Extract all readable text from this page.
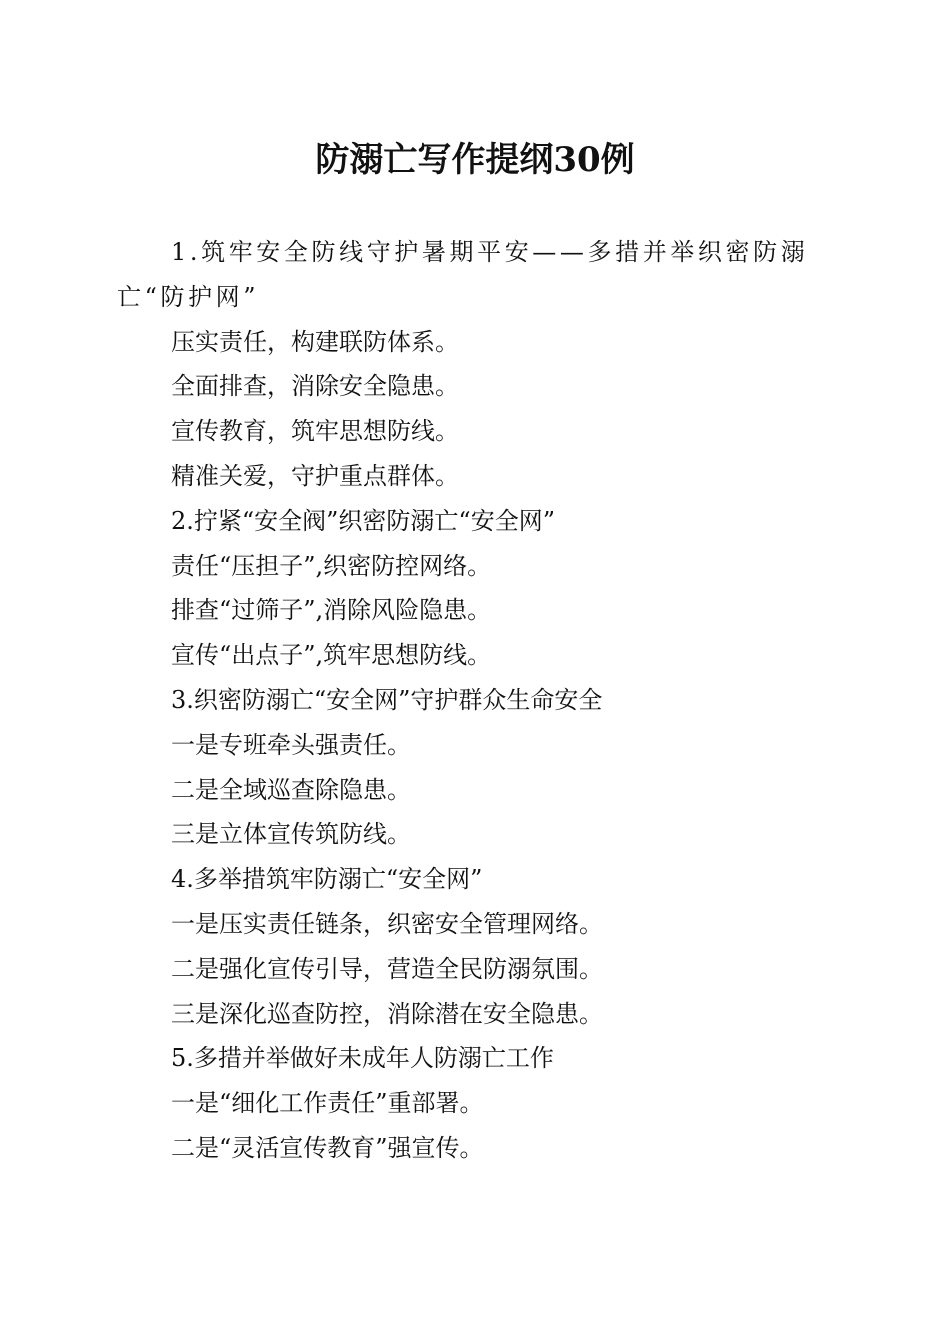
防溺亡写作提纲30例

1.筑牢安全防线守护暑期平安——多措并举织密防溺亡“防护网”

压实责任，构建联防体系。

全面排查，消除安全隐患。

宣传教育，筑牢思想防线。

精准关爱，守护重点群体。

2.拧紧“安全阀”织密防溺亡“安全网”

责任“压担子”,织密防控网络。

排查“过筛子”,消除风险隐患。

宣传“出点子”,筑牢思想防线。

3.织密防溺亡“安全网”守护群众生命安全

一是专班牵头强责任。

二是全域巡查除隐患。

三是立体宣传筑防线。

4.多举措筑牢防溺亡“安全网”

一是压实责任链条，织密安全管理网络。

二是强化宣传引导，营造全民防溺氛围。

三是深化巡查防控，消除潜在安全隐患。

5.多措并举做好未成年人防溺亡工作

一是“细化工作责任”重部署。

二是“灵活宣传教育”强宣传。
